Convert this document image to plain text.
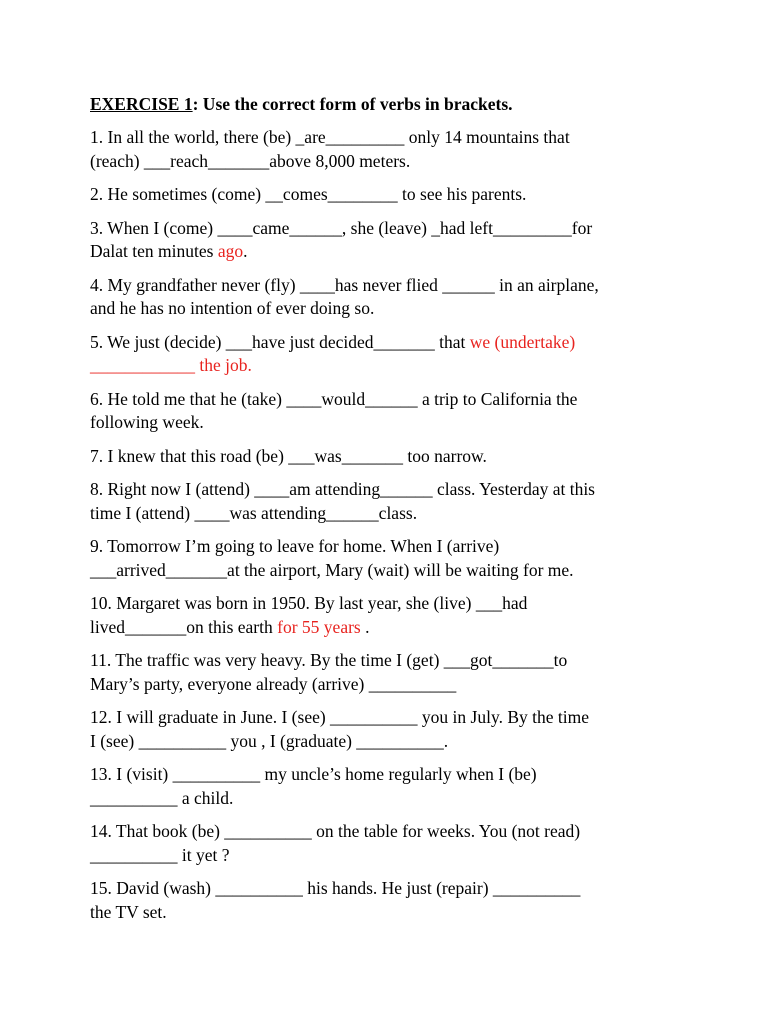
EXERCISE 1: Use the correct form of verbs in brackets.
1. In all the world, there (be) _are_________ only 14 mountains that
(reach) ___reach_______above 8,000 meters.
2. He sometimes (come) __comes________ to see his parents.
3. When I (come) ____came______, she (leave) _had left_________for
Dalat ten minutes ago.
4. My grandfather never (fly) ____has never flied ______ in an airplane,
and he has no intention of ever doing so.
5. We just (decide) ___have just decided_______ that we (undertake)
____________ the job.
6. He told me that he (take) ____would______ a trip to California the
following week.
7. I knew that this road (be) ___was_______ too narrow.
8. Right now I (attend) ____am attending______ class. Yesterday at this
time I (attend) ____was attending______class.
9. Tomorrow I’m going to leave for home. When I (arrive)
___arrived_______at the airport, Mary (wait) will be waiting for me.
10. Margaret was born in 1950. By last year, she (live) ___had
lived_______on this earth for 55 years .
11. The traffic was very heavy. By the time I (get) ___got_______to
Mary’s party, everyone already (arrive) __________
12. I will graduate in June. I (see) __________ you in July. By the time
I (see) __________ you , I (graduate) __________.
13. I (visit) __________ my uncle’s home regularly when I (be)
__________ a child.
14. That book (be) __________ on the table for weeks. You (not read)
__________ it yet ?
15. David (wash) __________ his hands. He just (repair) __________
the TV set.
